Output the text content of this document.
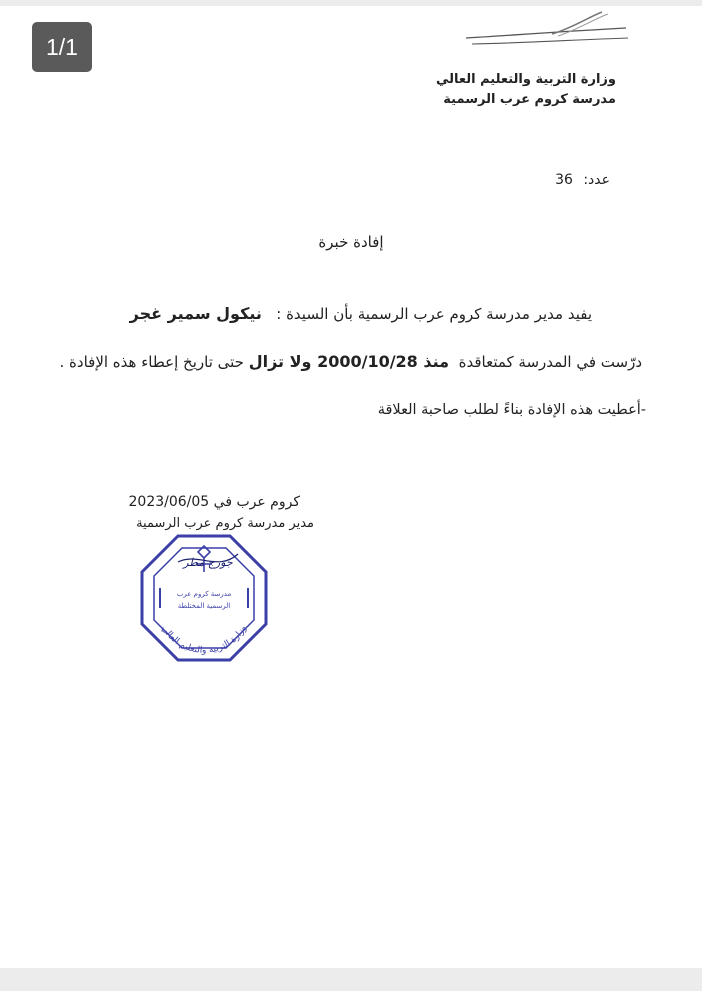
وزارة التربية والتعليم العالي
مدرسة كروم عرب الرسمية
عدد: 36
إفادة خبرة
يفيد مدير مدرسة كروم عرب الرسمية بأن السيدة :   نيكول سمير غجر
درّست في المدرسة كمتعاقدة  منذ 2000/10/28 ولا تزال حتى تاريخ إعطاء هذه الإفادة .
-أعطيت هذه الإفادة بناءً لطلب صاحبة العلاقة
كروم عرب في 2023/06/05
مدير مدرسة كروم عرب الرسمية
مدرسة كروم عرب
الرسمية المختلطة
وزارة التربية والتعليم العالي
جورج مطر
1/1
